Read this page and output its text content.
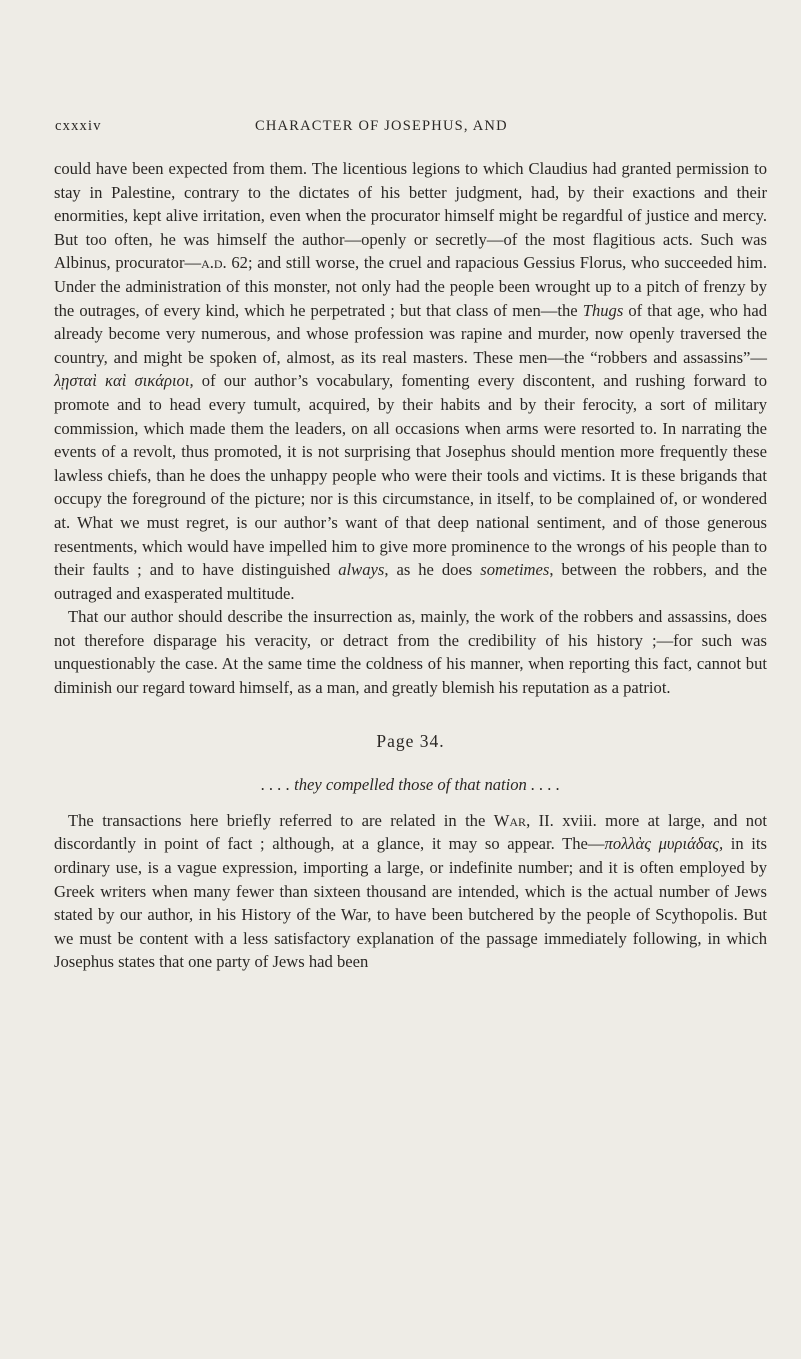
cxxxiv	CHARACTER OF JOSEPHUS, AND

could have been expected from them. The licentious legions to which Claudius had granted permission to stay in Palestine, contrary to the dictates of his better judgment, had, by their exactions and their enormities, kept alive irritation, even when the procurator himself might be regardful of justice and mercy. But too often, he was himself the author—openly or secretly—of the most flagitious acts. Such was Albinus, procurator—a.d. 62; and still worse, the cruel and rapacious Gessius Florus, who succeeded him. Under the administration of this monster, not only had the people been wrought up to a pitch of frenzy by the outrages, of every kind, which he perpetrated ; but that class of men—the Thugs of that age, who had already become very numerous, and whose profession was rapine and murder, now openly traversed the country, and might be spoken of, almost, as its real masters. These men—the “robbers and assassins”—λῃσταὶ καὶ σικάριοι, of our author’s vocabulary, fomenting every discontent, and rushing forward to promote and to head every tumult, acquired, by their habits and by their ferocity, a sort of military commission, which made them the leaders, on all occasions when arms were resorted to. In narrating the events of a revolt, thus promoted, it is not surprising that Josephus should mention more frequently these lawless chiefs, than he does the unhappy people who were their tools and victims. It is these brigands that occupy the foreground of the picture; nor is this circumstance, in itself, to be complained of, or wondered at. What we must regret, is our author’s want of that deep national sentiment, and of those generous resentments, which would have impelled him to give more prominence to the wrongs of his people than to their faults ; and to have distinguished always, as he does sometimes, between the robbers, and the outraged and exasperated multitude.

That our author should describe the insurrection as, mainly, the work of the robbers and assassins, does not therefore disparage his veracity, or detract from the credibility of his history ;—for such was unquestionably the case. At the same time the coldness of his manner, when reporting this fact, cannot but diminish our regard toward himself, as a man, and greatly blemish his reputation as a patriot.

Page 34.
. . . . they compelled those of that nation . . . .

The transactions here briefly referred to are related in the War, II. xviii. more at large, and not discordantly in point of fact ; although, at a glance, it may so appear. The—πολλὰς μυριάδας, in its ordinary use, is a vague expression, importing a large, or indefinite number; and it is often employed by Greek writers when many fewer than sixteen thousand are intended, which is the actual number of Jews stated by our author, in his History of the War, to have been butchered by the people of Scythopolis. But we must be content with a less satisfactory explanation of the passage immediately following, in which Josephus states that one party of Jews had been
